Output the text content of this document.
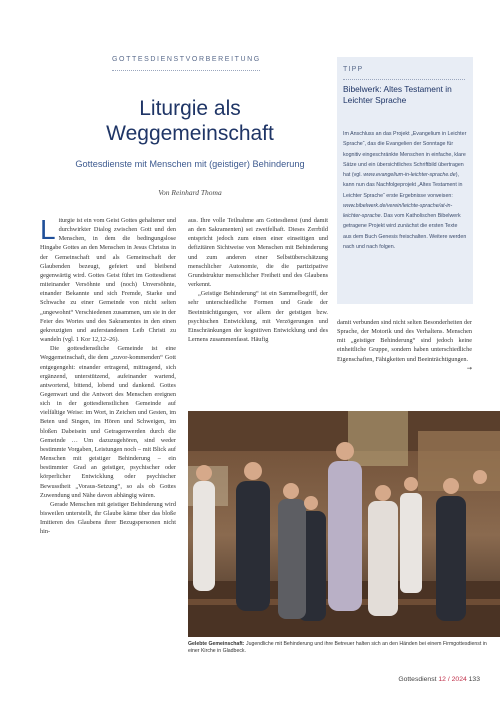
GOTTESDIENSTVORBEREITUNG
Liturgie als
Weggemeinschaft
Gottesdienste mit Menschen mit (geistiger) Behinderung
Von Reinhard Thoma

Liturgie ist ein vom Geist Gottes gehaltener und durchwirkter Dialog zwischen Gott und den Menschen, in dem die bedingungslose Hingabe Gottes an den Menschen in Jesus Christus in der Gemeinschaft und als Gemeinschaft der Glaubenden bezeugt, gefeiert und bleibend gegenwärtig wird. Gottes Geist führt im Gottesdienst miteinander Versöhnte und (noch) Unversöhnte, einander Bekannte und sich Fremde, Starke und Schwache zu einer Gemeinde von nicht selten „ungewohnt“ Verschiedenen zusammen, um sie in der Feier des Wortes und des Sakramentes in den einen gekreuzigten und auferstandenen Leib Christi zu wandeln (vgl. 1 Kor 12,12–26).

Die gottesdienstliche Gemeinde ist eine Weggemeinschaft, die dem „zuvor-kommenden“ Gott entgegengeht: einander ertragend, mittragend, sich ergänzend, unterstützend, aufeinander wartend, antwortend, bittend, lobend und dankend. Gottes Gegenwart und die Antwort des Menschen ereignen sich in der gottesdienstlichen Gemeinde auf vielfältige Weise: im Wort, in Zeichen und Gesten, im Beten und Singen, im Hören und Schweigen, im bloßen Dabeisein und Getragenwerden durch die Gemeinde … Um dazuzugehören, sind weder bestimmte Vorgaben, Leistungen noch – mit Blick auf Menschen mit geistiger Behinderung – ein bestimmter Grad an geistiger, psychischer oder körperlicher Entwicklung oder psychischer Bewusstheit „Voraus-Setzung“, so als ob Gottes Zuwendung und Nähe davon abhängig wären.

Gerade Menschen mit geistiger Behinderung wird bisweilen unterstellt, ihr Glaube käme über das bloße Imitieren des Glaubens ihrer Bezugspersonen nicht hin-

aus. Ihre volle Teilnahme am Gottesdienst (und damit an den Sakramenten) sei zweifelhaft. Dieses Zerrbild entspricht jedoch zum einen einer einseitigen und defizitären Sichtweise von Menschen mit Behinderung und zum anderen einer Selbstüberschätzung menschlicher Autonomie, die die partizipative Grundstruktur menschlicher Freiheit und des Glaubens verkennt.

„Geistige Behinderung“ ist ein Sammelbegriff, der sehr unterschiedliche Formen und Grade der Beeinträchtigungen, vor allem der geistigen bzw. psychischen Entwicklung, mit Verzögerungen und Einschränkungen der kognitiven Entwicklung und des Lernens zusammenfasst. Häufig

damit verbunden sind nicht selten Besonderheiten der Sprache, der Motorik und des Verhaltens. Menschen mit „geistiger Behinderung“ sind jedoch keine einheitliche Gruppe, sondern haben unterschiedliche Eigenschaften, Fähigkeiten und Beeinträchtigungen.
→

TIPP
Bibelwerk: Altes Testament in Leichter Sprache
Im Anschluss an das Projekt „Evangelium in Leichter Sprache“, das die Evangelien der Sonntage für kognitiv eingeschränkte Menschen in einfache, klare Sätze und ein übersichtliches Schriftbild übertragen hat (vgl. www.evangelium-in-leichter-sprache.de), kann nun das Nachfolgeprojekt „Altes Testament in Leichter Sprache“ erste Ergebnisse vorweisen: www.bibelwerk.de/verein/leichte-sprache/at-in-leichter-sprache. Das vom Katholischen Bibelwerk getragene Projekt wird zunächst die ersten Texte aus dem Buch Genesis freischalten. Weitere werden nach und nach folgen.
Gelebte Gemeinschaft: Jugendliche mit Behinderung und ihre Betreuer halten sich an den Händen bei einem Firmgottesdienst in einer Kirche in Gladbeck.
Gottesdienst 12 / 2024 133
